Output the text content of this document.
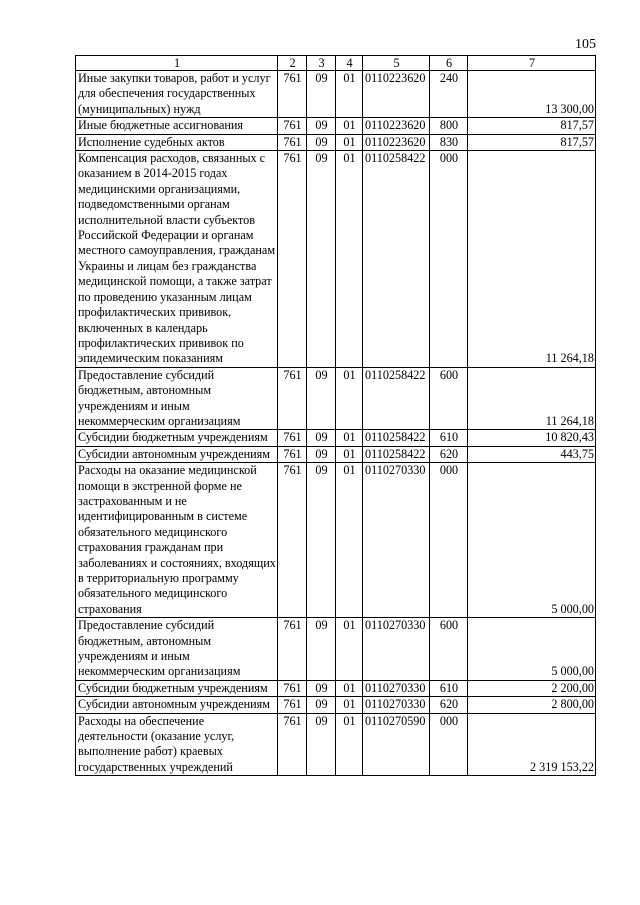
105
1	2	3	4	5	6	7
Иные закупки товаров, работ и услуг для обеспечения государственных (муниципальных) нужд	761	09	01	0110223620	240	13 300,00
Иные бюджетные ассигнования	761	09	01	0110223620	800	817,57
Исполнение судебных актов	761	09	01	0110223620	830	817,57
Компенсация расходов, связанных с оказанием в 2014-2015 годах медицинскими организациями, подведомственными органам исполнительной власти субъектов Российской Федерации и органам местного самоуправления, гражданам Украины и лицам без гражданства медицинской помощи, а также затрат по проведению указанным лицам профилактических прививок, включенных в календарь профилактических прививок по эпидемическим показаниям	761	09	01	0110258422	000	11 264,18
Предоставление субсидий бюджетным, автономным учреждениям и иным некоммерческим организациям	761	09	01	0110258422	600	11 264,18
Субсидии бюджетным учреждениям	761	09	01	0110258422	610	10 820,43
Субсидии автономным учреждениям	761	09	01	0110258422	620	443,75
Расходы на оказание медицинской помощи в экстренной форме не застрахованным и не идентифицированным в системе обязательного медицинского страхования гражданам при заболеваниях и состояниях, входящих в территориальную программу обязательного медицинского страхования	761	09	01	0110270330	000	5 000,00
Предоставление субсидий бюджетным, автономным учреждениям и иным некоммерческим организациям	761	09	01	0110270330	600	5 000,00
Субсидии бюджетным учреждениям	761	09	01	0110270330	610	2 200,00
Субсидии автономным учреждениям	761	09	01	0110270330	620	2 800,00
Расходы на обеспечение деятельности (оказание услуг, выполнение работ) краевых государственных учреждений	761	09	01	0110270590	000	2 319 153,22
